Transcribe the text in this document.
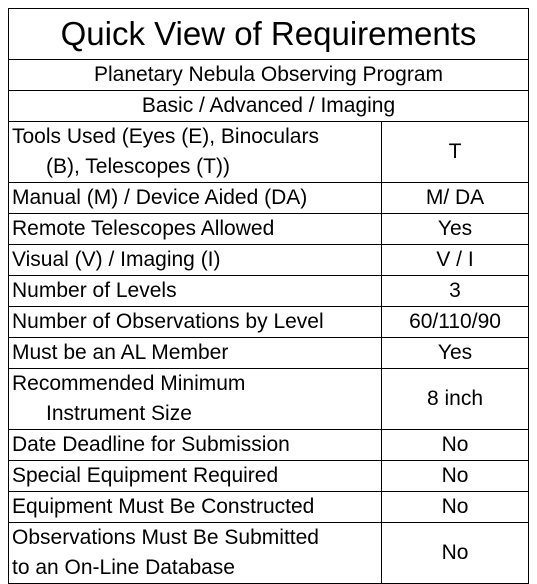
Quick View of Requirements	
Planetary Nebula Observing Program	
Basic / Advanced / Imaging	
Tools Used (Eyes (E), Binoculars
(B), Telescopes (T))	T
Manual (M) / Device Aided (DA)	M/ DA
Remote Telescopes Allowed	Yes
Visual (V) / Imaging (I)	V / I
Number of Levels	3
Number of Observations by Level	60/110/90
Must be an AL Member	Yes
Recommended Minimum
Instrument Size	8 inch
Date Deadline for Submission	No
Special Equipment Required	No
Equipment Must Be Constructed	No
Observations Must Be Submitted
to an On-Line Database	No
